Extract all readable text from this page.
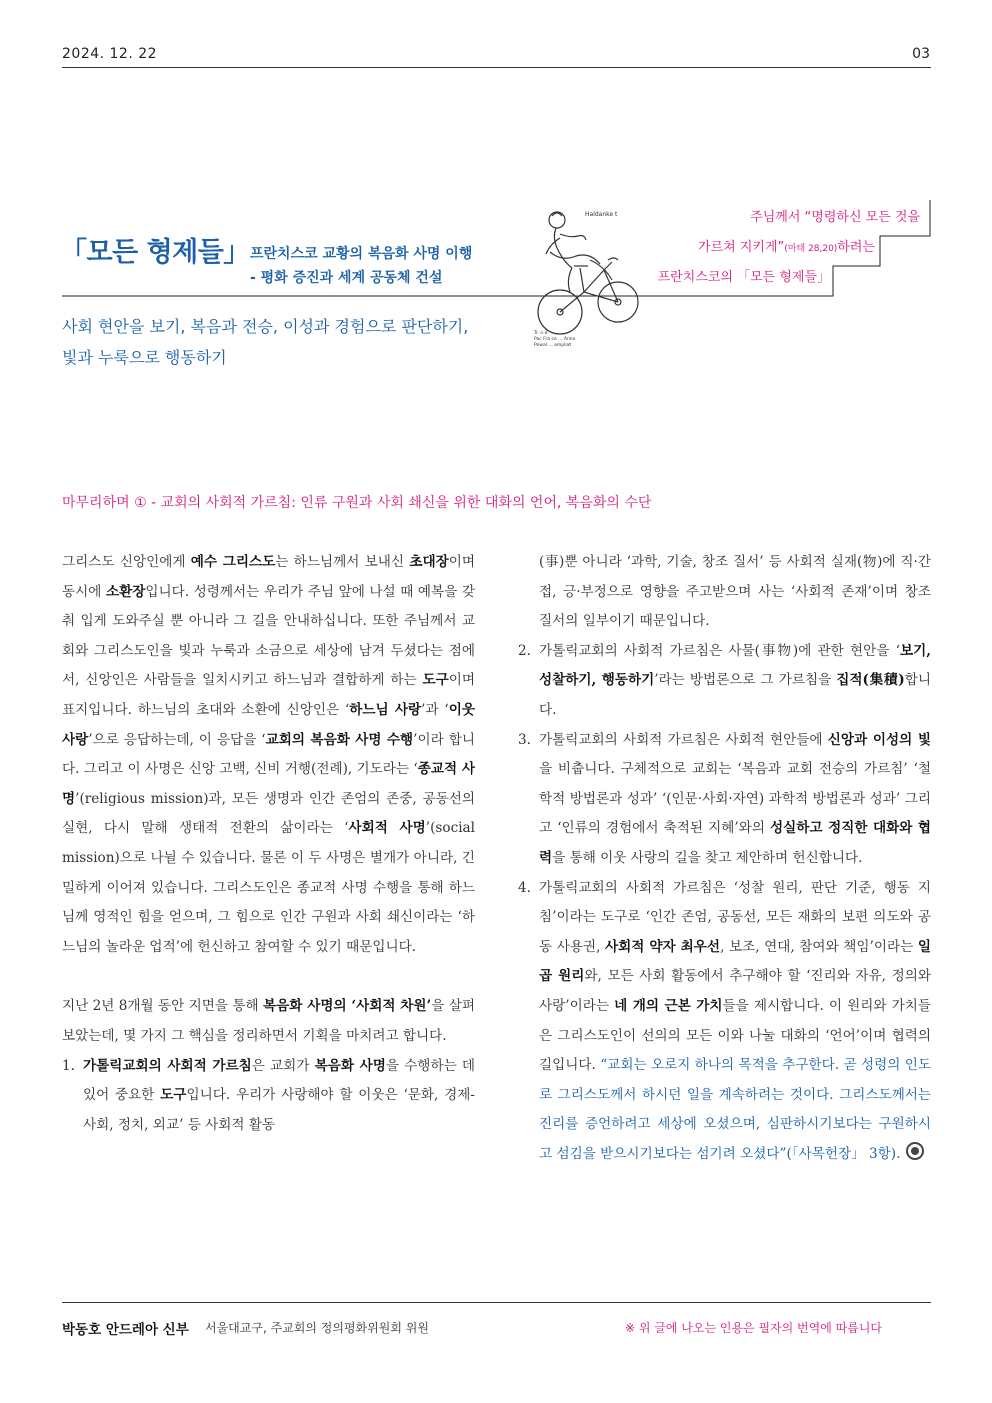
2024. 12. 22	03
「모든 형제들」 프란치스코 교황의 복음화 사명 이행
- 평화 증진과 세계 공동체 건설
사회 현안을 보기, 복음과 전승, 이성과 경험으로 판단하기,
빛과 누룩으로 행동하기
Haldanke t
Tr. n.d.
Pac Fra ce ... Anno
Powal ... ampliat
주님께서 “명령하신 모든 것을
가르쳐 지키게”(마태 28,20)하려는
프란치스코의 「모든 형제들」
마무리하며 ① - 교회의 사회적 가르침: 인류 구원과 사회 쇄신을 위한 대화의 언어, 복음화의 수단

그리스도 신앙인에게 예수 그리스도는 하느님께서 보내신 초대장이며 동시에 소환장입니다. 성령께서는 우리가 주님 앞에 나설 때 예복을 갖춰 입게 도와주실 뿐 아니라 그 길을 안내하십니다. 또한 주님께서 교회와 그리스도인을 빛과 누룩과 소금으로 세상에 남겨 두셨다는 점에서, 신앙인은 사람들을 일치시키고 하느님과 결합하게 하는 도구이며 표지입니다. 하느님의 초대와 소환에 신앙인은 ‘하느님 사랑’과 ‘이웃 사랑’으로 응답하는데, 이 응답을 ‘교회의 복음화 사명 수행’이라 합니다. 그리고 이 사명은 신앙 고백, 신비 거행(전례), 기도라는 ‘종교적 사명’(religious mission)과, 모든 생명과 인간 존엄의 존중, 공동선의 실현, 다시 말해 생태적 전환의 삶이라는 ‘사회적 사명’(social mission)으로 나뉠 수 있습니다. 물론 이 두 사명은 별개가 아니라, 긴밀하게 이어져 있습니다. 그리스도인은 종교적 사명 수행을 통해 하느님께 영적인 힘을 얻으며, 그 힘으로 인간 구원과 사회 쇄신이라는 ‘하느님의 놀라운 업적’에 헌신하고 참여할 수 있기 때문입니다.

지난 2년 8개월 동안 지면을 통해 복음화 사명의 ‘사회적 차원’을 살펴보았는데, 몇 가지 그 핵심을 정리하면서 기획을 마치려고 합니다.

1. 가톨릭교회의 사회적 가르침은 교회가 복음화 사명을 수행하는 데 있어 중요한 도구입니다. 우리가 사랑해야 할 이웃은 ‘문화, 경제-사회, 정치, 외교’ 등 사회적 활동

(事)뿐 아니라 ‘과학, 기술, 창조 질서’ 등 사회적 실재(物)에 직·간접, 긍·부정으로 영향을 주고받으며 사는 ‘사회적 존재’이며 창조 질서의 일부이기 때문입니다.

2. 가톨릭교회의 사회적 가르침은 사물(事物)에 관한 현안을 ‘보기, 성찰하기, 행동하기’라는 방법론으로 그 가르침을 집적(集積)합니다.
3. 가톨릭교회의 사회적 가르침은 사회적 현안들에 신앙과 이성의 빛을 비춥니다. 구체적으로 교회는 ‘복음과 교회 전승의 가르침’ ‘철학적 방법론과 성과’ ‘(인문·사회·자연) 과학적 방법론과 성과’ 그리고 ‘인류의 경험에서 축적된 지혜’와의 성실하고 정직한 대화와 협력을 통해 이웃 사랑의 길을 찾고 제안하며 헌신합니다.
4. 가톨릭교회의 사회적 가르침은 ‘성찰 원리, 판단 기준, 행동 지침’이라는 도구로 ‘인간 존엄, 공동선, 모든 재화의 보편 의도와 공동 사용권, 사회적 약자 최우선, 보조, 연대, 참여와 책임’이라는 일곱 원리와, 모든 사회 활동에서 추구해야 할 ‘진리와 자유, 정의와 사랑’이라는 네 개의 근본 가치들을 제시합니다. 이 원리와 가치들은 그리스도인이 선의의 모든 이와 나눌 대화의 ‘언어’이며 협력의 길입니다. “교회는 오로지 하나의 목적을 추구한다. 곧 성령의 인도로 그리스도께서 하시던 일을 계속하려는 것이다. 그리스도께서는 진리를 증언하려고 세상에 오셨으며, 심판하시기보다는 구원하시고 섬김을 받으시기보다는 섬기려 오셨다”(「사목헌장」 3항).
박동호 안드레아 신부 서울대교구, 주교회의 정의평화위원회 위원	※ 위 글에 나오는 인용은 필자의 번역에 따릅니다
